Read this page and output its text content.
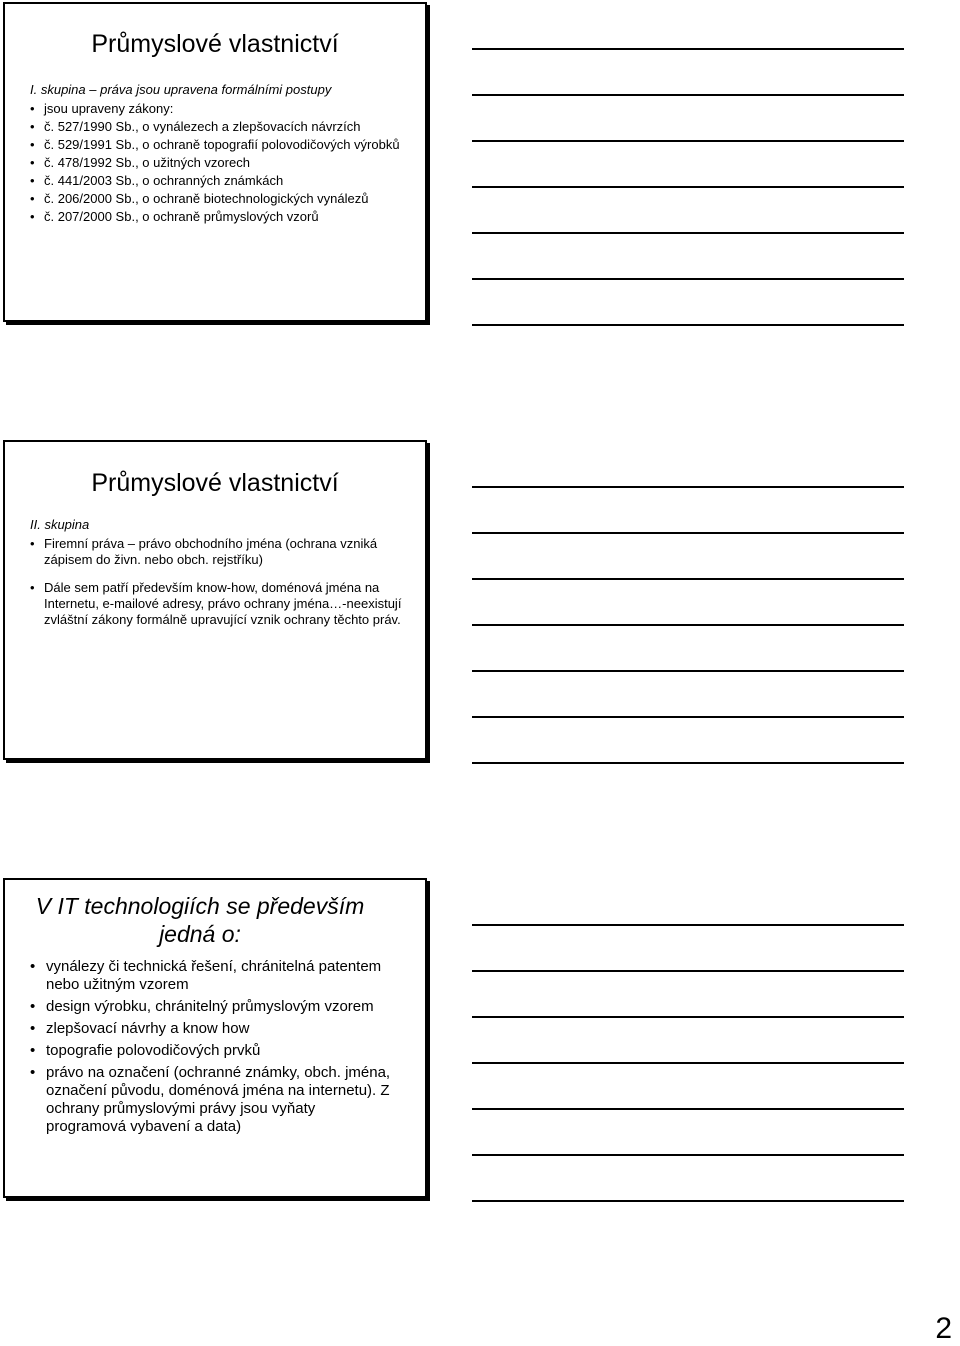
Průmyslové vlastnictví
I. skupina – práva jsou upravena formálními postupy
• jsou upraveny zákony:
• č. 527/1990 Sb., o vynálezech a zlepšovacích návrzích
• č. 529/1991 Sb., o ochraně topografií polovodičových výrobků
• č. 478/1992 Sb., o užitných vzorech
• č. 441/2003 Sb., o ochranných známkách
• č. 206/2000 Sb., o ochraně biotechnologických vynálezů
• č. 207/2000 Sb., o ochraně průmyslových vzorů
Průmyslové vlastnictví
II. skupina
• Firemní práva – právo obchodního jména (ochrana vzniká zápisem do živn. nebo obch. rejstříku)
• Dále sem patří především know-how, doménová jména na Internetu, e-mailové adresy, právo ochrany jména…-neexistují zvláštní zákony formálně upravující vznik ochrany těchto práv.
V IT technologiích se především jedná o:
• vynálezy či technická řešení, chránitelná patentem nebo užitným vzorem
• design výrobku, chránitelný průmyslovým vzorem
• zlepšovací návrhy a know how
• topografie polovodičových prvků
• právo na označení (ochranné známky, obch. jména, označení původu, doménová jména na internetu). Z ochrany průmyslovými právy jsou vyňaty programová vybavení a data)
2
